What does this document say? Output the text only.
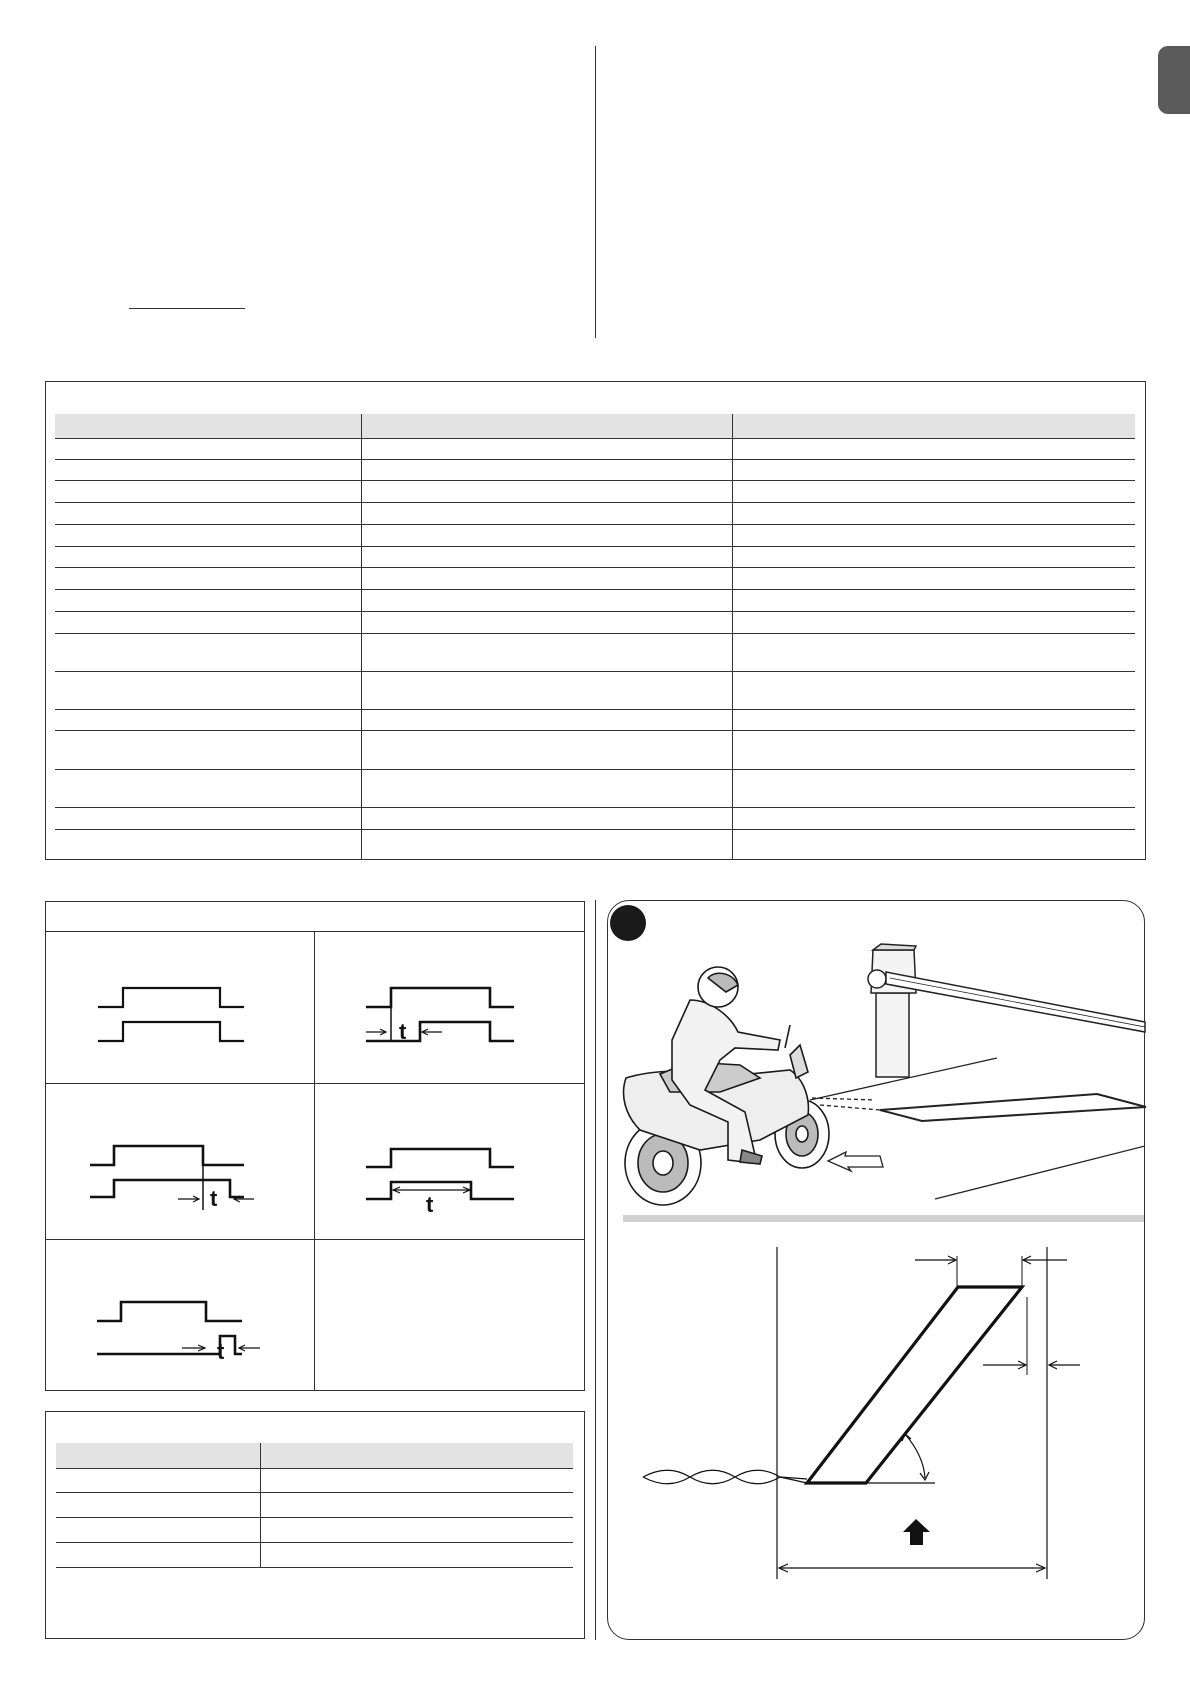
t
t	t
t
